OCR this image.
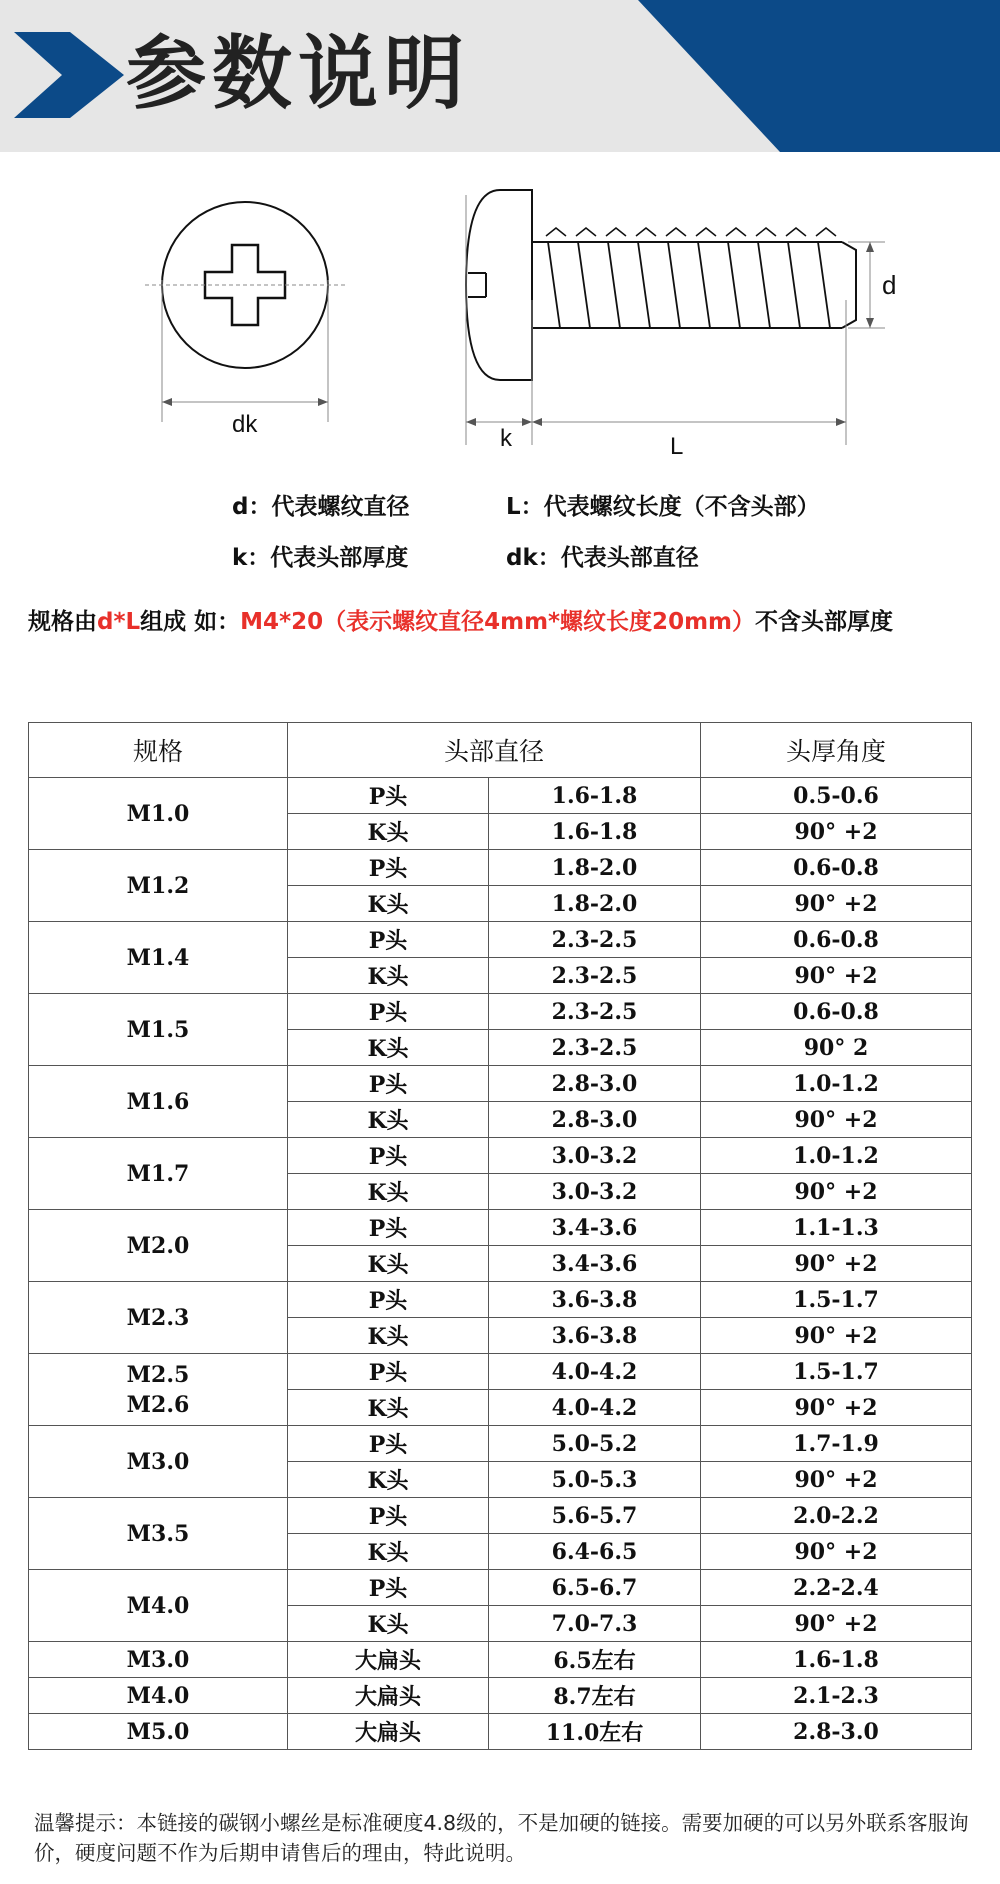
参数说明
dk
k	L
d
d：代表螺纹直径	L：代表螺纹长度（不含头部）
k：代表头部厚度	dk：代表头部直径
规格由d*L组成 如：M4*20（表示螺纹直径4mm*螺纹长度20mm）不含头部厚度
规格	头部直径		头厚角度
M1.0	P头	1.6-1.8	0.5-0.6
	K头	1.6-1.8	90° +2
M1.2	P头	1.8-2.0	0.6-0.8
	K头	1.8-2.0	90° +2
M1.4	P头	2.3-2.5	0.6-0.8
	K头	2.3-2.5	90° +2
M1.5	P头	2.3-2.5	0.6-0.8
	K头	2.3-2.5	90° 2
M1.6	P头	2.8-3.0	1.0-1.2
	K头	2.8-3.0	90° +2
M1.7	P头	3.0-3.2	1.0-1.2
	K头	3.0-3.2	90° +2
M2.0	P头	3.4-3.6	1.1-1.3
	K头	3.4-3.6	90° +2
M2.3	P头	3.6-3.8	1.5-1.7
	K头	3.6-3.8	90° +2
M2.5
M2.6	P头	4.0-4.2	1.5-1.7
	K头	4.0-4.2	90° +2
M3.0	P头	5.0-5.2	1.7-1.9
	K头	5.0-5.3	90° +2
M3.5	P头	5.6-5.7	2.0-2.2
	K头	6.4-6.5	90° +2
M4.0	P头	6.5-6.7	2.2-2.4
	K头	7.0-7.3	90° +2
M3.0	大扁头	6.5左右	1.6-1.8
M4.0	大扁头	8.7左右	2.1-2.3
M5.0	大扁头	11.0左右	2.8-3.0
温馨提示：本链接的碳钢小螺丝是标准硬度4.8级的，不是加硬的链接。需要加硬的可以另外联系客服询价，硬度问题不作为后期申请售后的理由，特此说明。
